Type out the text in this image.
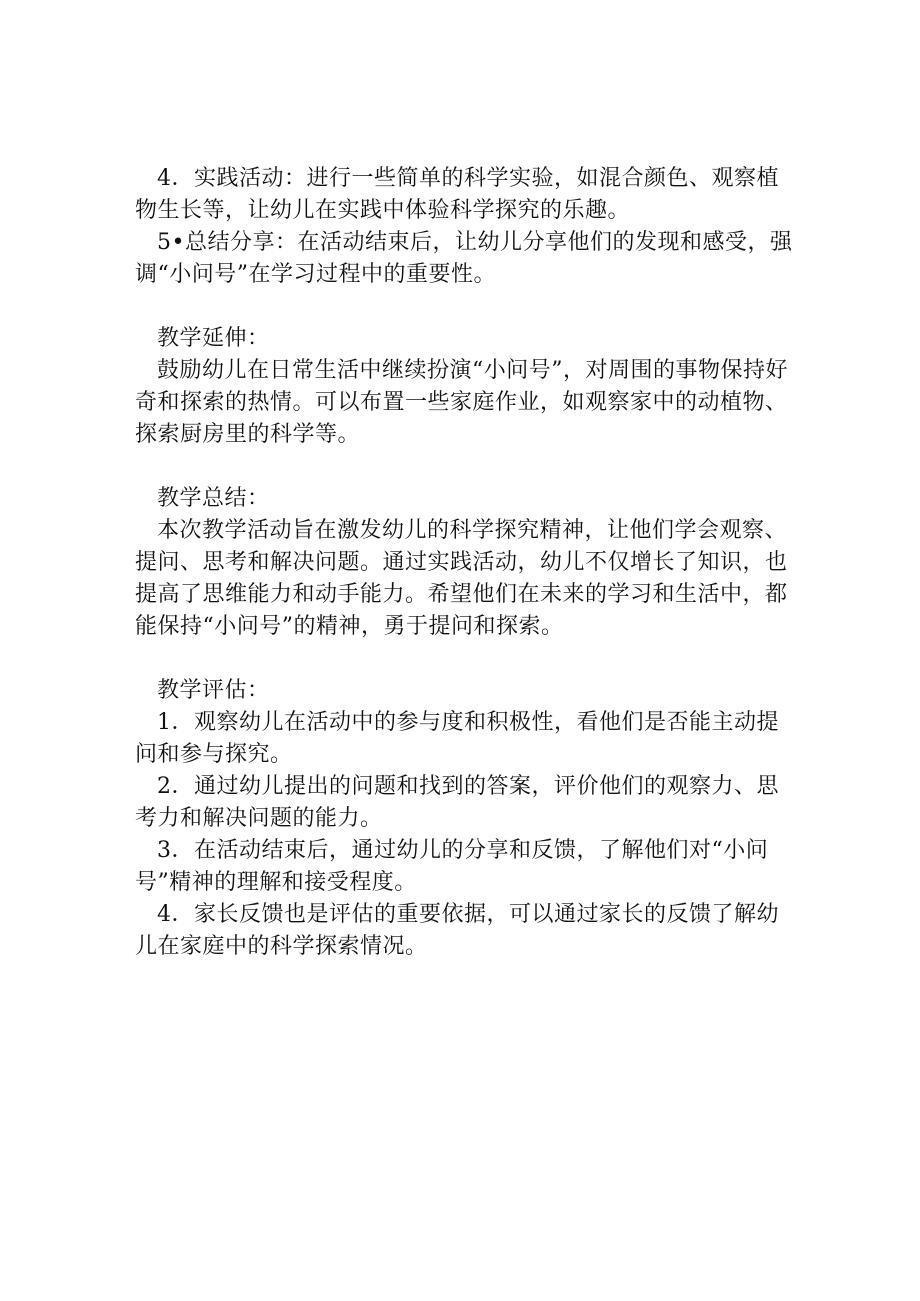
4．实践活动：进行一些简单的科学实验，如混合颜色、观察植物生长等，让幼儿在实践中体验科学探究的乐趣。

5•总结分享：在活动结束后，让幼儿分享他们的发现和感受，强调“小问号”在学习过程中的重要性。

教学延伸：

鼓励幼儿在日常生活中继续扮演“小问号”，对周围的事物保持好奇和探索的热情。可以布置一些家庭作业，如观察家中的动植物、探索厨房里的科学等。

教学总结：

本次教学活动旨在激发幼儿的科学探究精神，让他们学会观察、提问、思考和解决问题。通过实践活动，幼儿不仅增长了知识，也提高了思维能力和动手能力。希望他们在未来的学习和生活中，都能保持“小问号”的精神，勇于提问和探索。

教学评估：

1．观察幼儿在活动中的参与度和积极性，看他们是否能主动提问和参与探究。

2．通过幼儿提出的问题和找到的答案，评价他们的观察力、思考力和解决问题的能力。

3．在活动结束后，通过幼儿的分享和反馈，了解他们对“小问号”精神的理解和接受程度。

4．家长反馈也是评估的重要依据，可以通过家长的反馈了解幼儿在家庭中的科学探索情况。
